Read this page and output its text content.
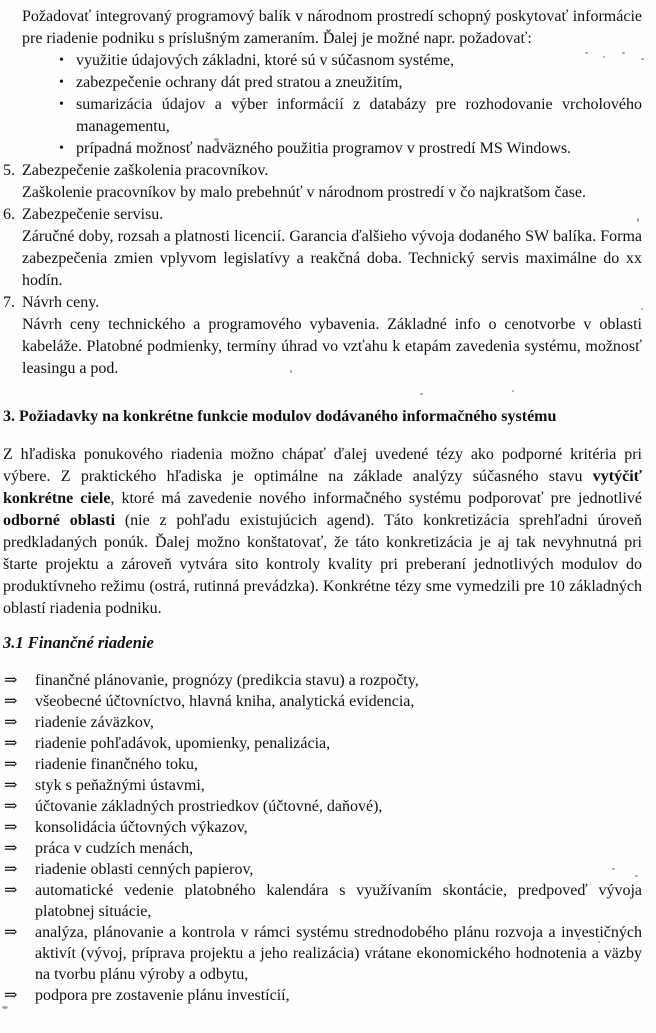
Požadovať integrovaný programový balík v národnom prostredí schopný poskytovať informácie pre riadenie podniku s príslušným zameraním. Ďalej je možné napr. požadovať:

• využitie údajových základni, ktoré sú v súčasnom systéme,
• zabezpečenie ochrany dát pred stratou a zneužitím,
• sumarizácia údajov a výber informácií z databázy pre rozhodovanie vrcholového managementu,
• prípadná možnosť nadväzného použitia programov v prostredí MS Windows.
5. Zabezpečenie zaškolenia pracovníkov.

Zaškolenie pracovníkov by malo prebehnúť v národnom prostredí v čo najkratšom čase.

6. Zabezpečenie servisu.

Záručné doby, rozsah a platnosti licencií. Garancia ďalšieho vývoja dodaného SW balíka. Forma zabezpečenia zmien vplyvom legislatívy a reakčná doba. Technický servis maximálne do xx hodín.

7. Návrh ceny.

Návrh ceny technického a programového vybavenia. Základné info o cenotvorbe v oblasti kabeláže. Platobné podmienky, termíny úhrad vo vzťahu k etapám zavedenia systému, možnosť leasingu a pod.

3. Požiadavky na konkrétne funkcie modulov dodávaného informačného systému

Z hľadiska ponukového riadenia možno chápať ďalej uvedené tézy ako podporné kritéria pri výbere. Z praktického hľadiska je optimálne na základe analýzy súčasného stavu vytýčiť konkrétne ciele, ktoré má zavedenie nového informačného systému podporovať pre jednotlivé odborné oblasti (nie z pohľadu existujúcich agend). Táto konkretizácia sprehľadni úroveň predkladaných ponúk. Ďalej možno konštatovať, že táto konkretizácia je aj tak nevyhnutná pri štarte projektu a zároveň vytvára sito kontroly kvality pri preberaní jednotlivých modulov do produktívneho režimu (ostrá, rutinná prevádzka). Konkrétne tézy sme vymedzili pre 10 základných oblastí riadenia podniku.

3.1 Finančné riadenie
⇒ finančné plánovanie, prognózy (predikcia stavu) a rozpočty,
⇒ všeobecné účtovníctvo, hlavná kniha, analytická evidencia,
⇒ riadenie záväzkov,
⇒ riadenie pohľadávok, upomienky, penalizácia,
⇒ riadenie finančného toku,
⇒ styk s peňažnými ústavmi,
⇒ účtovanie základných prostriedkov (účtovné, daňové),
⇒ konsolidácia účtovných výkazov,
⇒ práca v cudzích menách,
⇒ riadenie oblasti cenných papierov,
⇒ automatické vedenie platobného kalendára s využívaním skontácie, predpoveď vývoja platobnej situácie,
⇒ analýza, plánovanie a kontrola v rámci systému strednodobého plánu rozvoja a investičných aktivít (vývoj, príprava projektu a jeho realizácia) vrátane ekonomického hodnotenia a väzby na tvorbu plánu výroby a odbytu,
⇒ podpora pre zostavenie plánu investícií,
